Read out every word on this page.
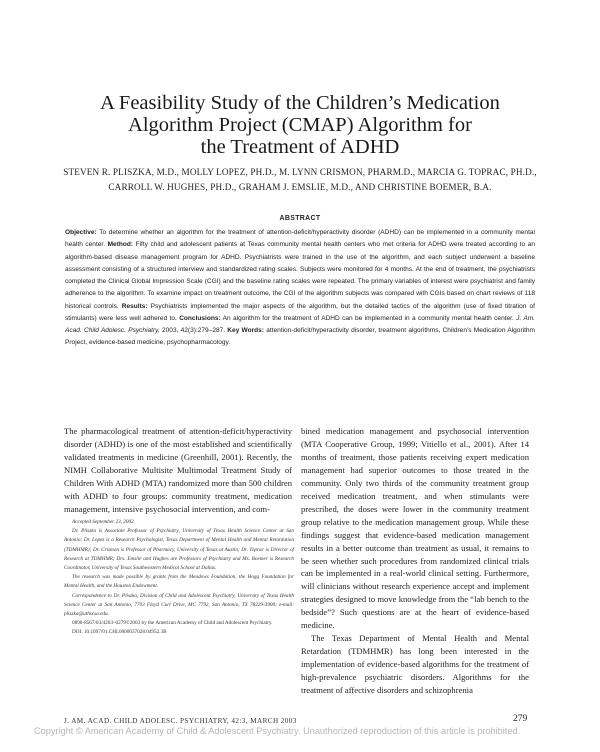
A Feasibility Study of the Children’s Medication
Algorithm Project (CMAP) Algorithm for
the Treatment of ADHD
STEVEN R. PLISZKA, M.D., MOLLY LOPEZ, PH.D., M. LYNN CRISMON, PHARM.D., MARCIA G. TOPRAC, PH.D.,
CARROLL W. HUGHES, PH.D., GRAHAM J. EMSLIE, M.D., AND CHRISTINE BOEMER, B.A.
ABSTRACT
Objective: To determine whether an algorithm for the treatment of attention-deficit/hyperactivity disorder (ADHD) can be implemented in a community mental health center. Method: Fifty child and adolescent patients at Texas community mental health centers who met criteria for ADHD were treated according to an algorithm-based disease management program for ADHD. Psychiatrists were trained in the use of the algorithm, and each subject underwent a baseline assessment consisting of a structured interview and standardized rating scales. Subjects were monitored for 4 months. At the end of treatment, the psychiatrists completed the Clinical Global Impression Scale (CGI) and the baseline rating scales were repeated. The primary variables of interest were psychiatrist and family adherence to the algorithm. To examine impact on treatment outcome, the CGI of the algorithm subjects was compared with CGIs based on chart reviews of 118 historical controls. Results: Psychiatrists implemented the major aspects of the algorithm, but the detailed tactics of the algorithm (use of fixed titration of stimulants) were less well adhered to. Conclusions: An algorithm for the treatment of ADHD can be implemented in a community mental health center. J. Am. Acad. Child Adolesc. Psychiatry, 2003, 42(3):279–287. Key Words: attention-deficit/hyperactivity disorder, treatment algorithms, Children’s Medication Algorithm Project, evidence-based medicine, psychopharmacology.

The pharmacological treatment of attention-deficit/hyperactivity disorder (ADHD) is one of the most established and scientifically validated treatments in medicine (Greenhill, 2001). Recently, the NIMH Collaborative Multisite Multimodal Treatment Study of Children With ADHD (MTA) randomized more than 500 children with ADHD to four groups: community treatment, medication management, intensive psychosocial intervention, and com-

Accepted September 23, 2002.

Dr. Pliszka is Associate Professor of Psychiatry, University of Texas Health Science Center at San Antonio; Dr. Lopez is a Research Psychologist, Texas Department of Mental Health and Mental Retardation (TDMHMR); Dr. Crismon is Professor of Pharmacy, University of Texas at Austin; Dr. Toprac is Director of Research at TDMHMR; Drs. Emslie and Hughes are Professors of Psychiatry and Ms. Boemer is Research Coordinator, University of Texas Southwestern Medical School at Dallas.

The research was made possible by grants from the Meadows Foundation, the Hogg Foundation for Mental Health, and the Houston Endowment.

Correspondence to Dr. Pliszka, Division of Child and Adolescent Psychiatry, University of Texas Health Science Center at San Antonio, 7703 Floyd Curl Drive, MC 7792, San Antonio, TX 78229-3900; e-mail: pliszka@uthscsa.edu.

0890-8567/03/4203–0279©2003 by the American Academy of Child and Adolescent Psychiatry.

DOI: 10.1097/01.CHI.0000037028.04952.3B

bined medication management and psychosocial intervention (MTA Cooperative Group, 1999; Vitiello et al., 2001). After 14 months of treatment, those patients receiving expert medication management had superior outcomes to those treated in the community. Only two thirds of the community treatment group received medication treatment, and when stimulants were prescribed, the doses were lower in the community treatment group relative to the medication management group. While these findings suggest that evidence-based medication management results in a better outcome than treatment as usual, it remains to be seen whether such procedures from randomized clinical trials can be implemented in a real-world clinical setting. Furthermore, will clinicians without research experience accept and implement strategies designed to move knowledge from the “lab bench to the bedside”? Such questions are at the heart of evidence-based medicine.

The Texas Department of Mental Health and Mental Retardation (TDMHMR) has long been interested in the implementation of evidence-based algorithms for the treatment of high-prevalence psychiatric disorders. Algorithms for the treatment of affective disorders and schizophrenia

J. AM. ACAD. CHILD ADOLESC. PSYCHIATRY, 42:3, MARCH 2003	279
Copyright © American Academy of Child & Adolescent Psychiatry. Unauthorized reproduction of this article is prohibited.
